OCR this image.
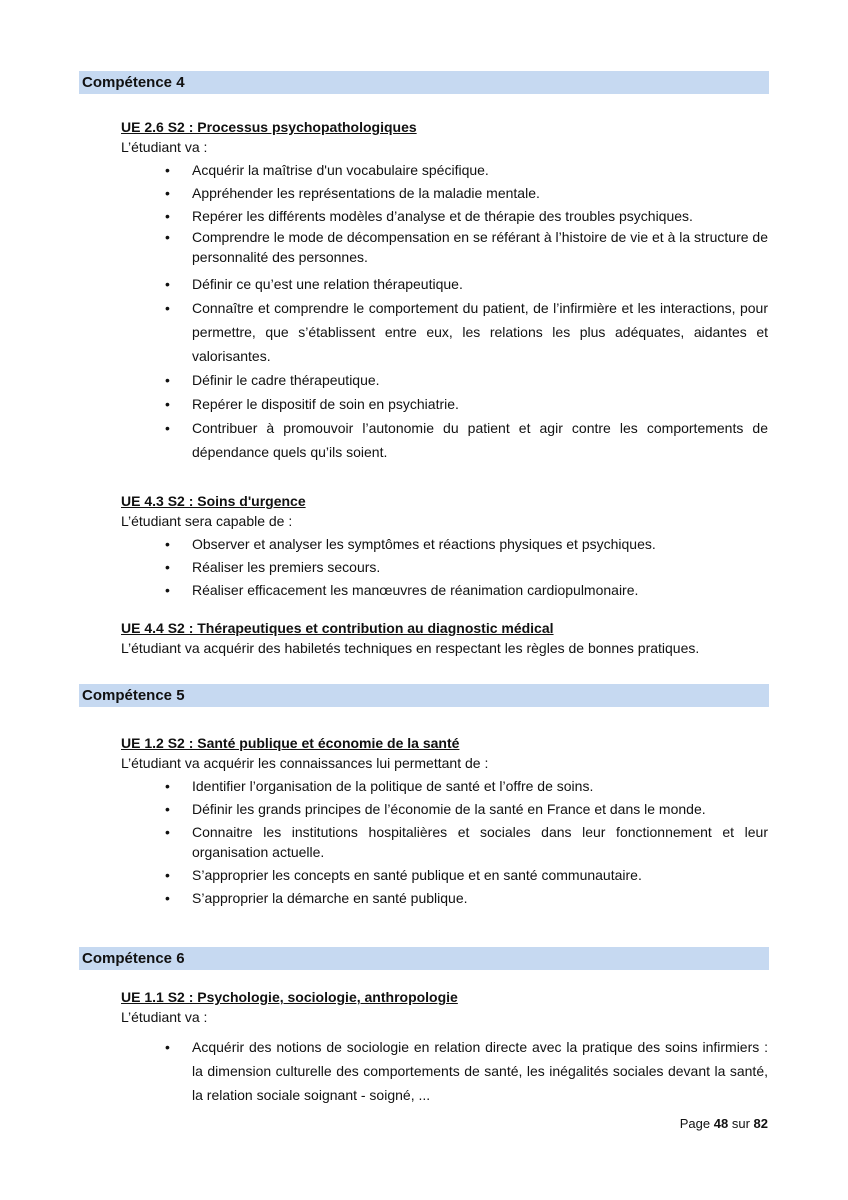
Compétence 4
UE 2.6 S2 : Processus psychopathologiques
L’étudiant va :
• Acquérir la maîtrise d'un vocabulaire spécifique.
• Appréhender les représentations de la maladie mentale.
• Repérer les différents modèles d’analyse et de thérapie des troubles psychiques.
• Comprendre le mode de décompensation en se référant à l’histoire de vie et à la structure de personnalité des personnes.
• Définir ce qu’est une relation thérapeutique.
• Connaître et comprendre le comportement du patient, de l’infirmière et les interactions, pour permettre, que s’établissent entre eux, les relations les plus adéquates, aidantes et valorisantes.
• Définir le cadre thérapeutique.
• Repérer le dispositif de soin en psychiatrie.
• Contribuer à promouvoir l’autonomie du patient et agir contre les comportements de dépendance quels qu’ils soient.
UE 4.3 S2 : Soins d'urgence
L’étudiant sera capable de :
• Observer et analyser les symptômes et réactions physiques et psychiques.
• Réaliser les premiers secours.
• Réaliser efficacement les manœuvres de réanimation cardiopulmonaire.
UE 4.4 S2 : Thérapeutiques et contribution au diagnostic médical
L’étudiant va acquérir des habiletés techniques en respectant les règles de bonnes pratiques.
Compétence 5
UE 1.2 S2 : Santé publique et économie de la santé
L’étudiant va acquérir les connaissances lui permettant de :
• Identifier l’organisation de la politique de santé et l’offre de soins.
• Définir les grands principes de l’économie de la santé en France et dans le monde.
• Connaitre les institutions hospitalières et sociales dans leur fonctionnement et leur organisation actuelle.
• S’approprier les concepts en santé publique et en santé communautaire.
• S’approprier la démarche en santé publique.
Compétence 6
UE 1.1 S2 : Psychologie, sociologie, anthropologie
L’étudiant va :
• Acquérir des notions de sociologie en relation directe avec la pratique des soins infirmiers : la dimension culturelle des comportements de santé, les inégalités sociales devant la santé, la relation sociale soignant - soigné, ...
Page 48 sur 82
